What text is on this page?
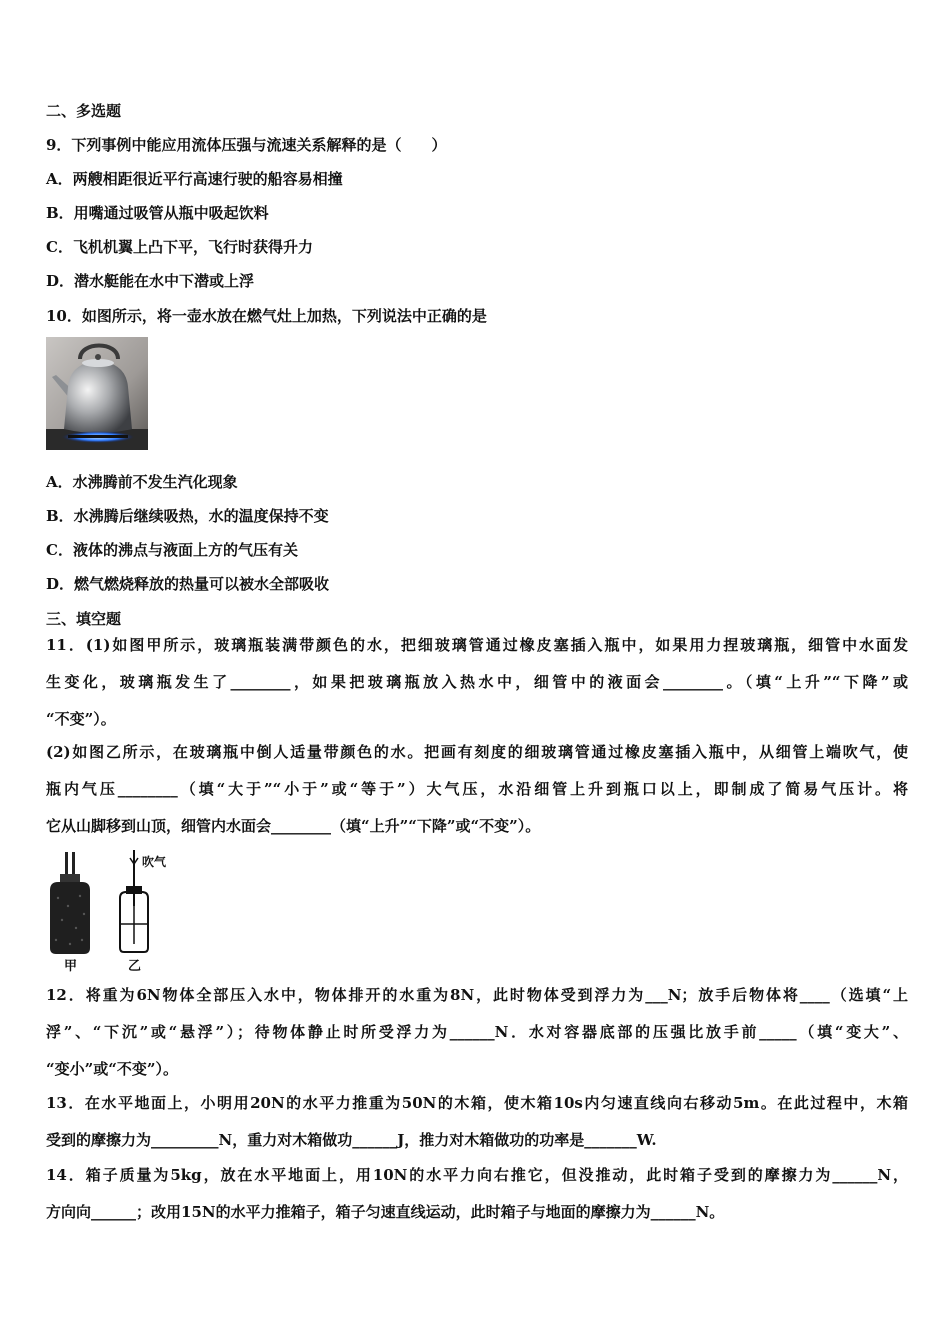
二、多选题
9．下列事例中能应用流体压强与流速关系解释的是（　　）
A．两艘相距很近平行高速行驶的船容易相撞
B．用嘴通过吸管从瓶中吸起饮料
C．飞机机翼上凸下平，飞行时获得升力
D．潜水艇能在水中下潜或上浮
10．如图所示，将一壶水放在燃气灶上加热，下列说法中正确的是
A．水沸腾前不发生汽化现象
B．水沸腾后继续吸热，水的温度保持不变
C．液体的沸点与液面上方的气压有关
D．燃气燃烧释放的热量可以被水全部吸收
三、填空题
11．(1)如图甲所示，玻璃瓶装满带颜色的水，把细玻璃管通过橡皮塞插入瓶中，如果用力捏玻璃瓶，细管中水面发
生变化，玻璃瓶发生了________，如果把玻璃瓶放入热水中，细管中的液面会________。（填“上升”“下降”或
“不变”）。
(2)如图乙所示，在玻璃瓶中倒人适量带颜色的水。把画有刻度的细玻璃管通过橡皮塞插入瓶中，从细管上端吹气，使
瓶内气压________（填“大于”“小于”或“等于”）大气压，水沿细管上升到瓶口以上，即制成了简易气压计。将
它从山脚移到山顶，细管内水面会________（填“上升”“下降”或“不变”）。
甲
吹气
乙
12．将重为6N物体全部压入水中，物体排开的水重为8N，此时物体受到浮力为___N；放手后物体将____（选填“上
浮”、“下沉”或“悬浮”）；待物体静止时所受浮力为______N．水对容器底部的压强比放手前_____（填“变大”、
“变小”或“不变”）。
13．在水平地面上，小明用20N的水平力推重为50N的木箱，使木箱10s内匀速直线向右移动5m。在此过程中，木箱
受到的摩擦力为_________N，重力对木箱做功______J，推力对木箱做功的功率是_______W.
14．箱子质量为5kg，放在水平地面上，用10N的水平力向右推它，但没推动，此时箱子受到的摩擦力为______N，
方向向______；改用15N的水平力推箱子，箱子匀速直线运动，此时箱子与地面的摩擦力为______N。
